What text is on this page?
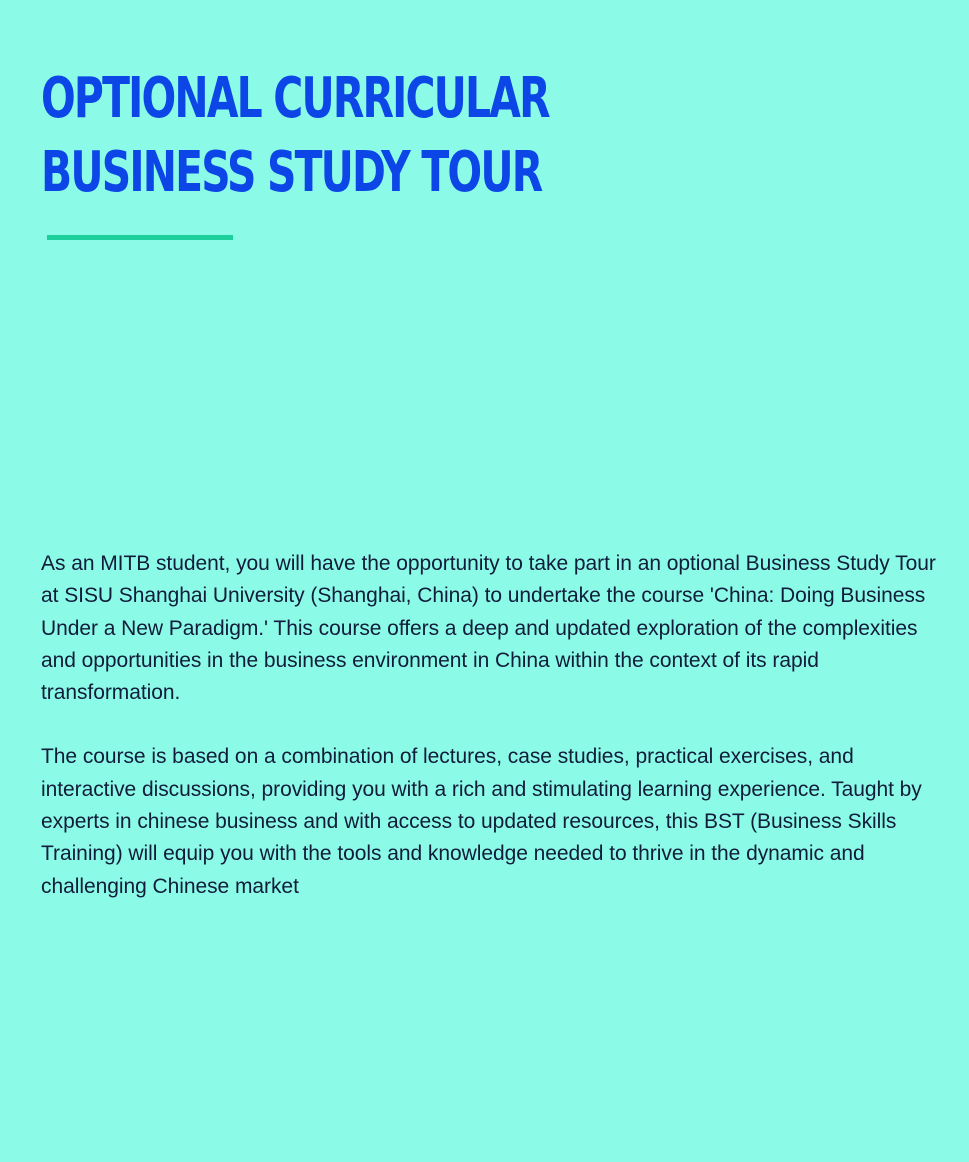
OPTIONAL CURRICULAR
BUSINESS STUDY TOUR

As an MITB student, you will have the opportunity to take part in an optional Business Study Tour at SISU Shanghai University (Shanghai, China) to undertake the course 'China: Doing Business Under a New Paradigm.' This course offers a deep and updated exploration of the complexities and opportunities in the business environment in China within the context of its rapid transformation.

The course is based on a combination of lectures, case studies, practical exercises, and interactive discussions, providing you with a rich and stimulating learning experience. Taught by experts in chinese business and with access to updated resources, this BST (Business Skills Training) will equip you with the tools and knowledge needed to thrive in the dynamic and challenging Chinese market
